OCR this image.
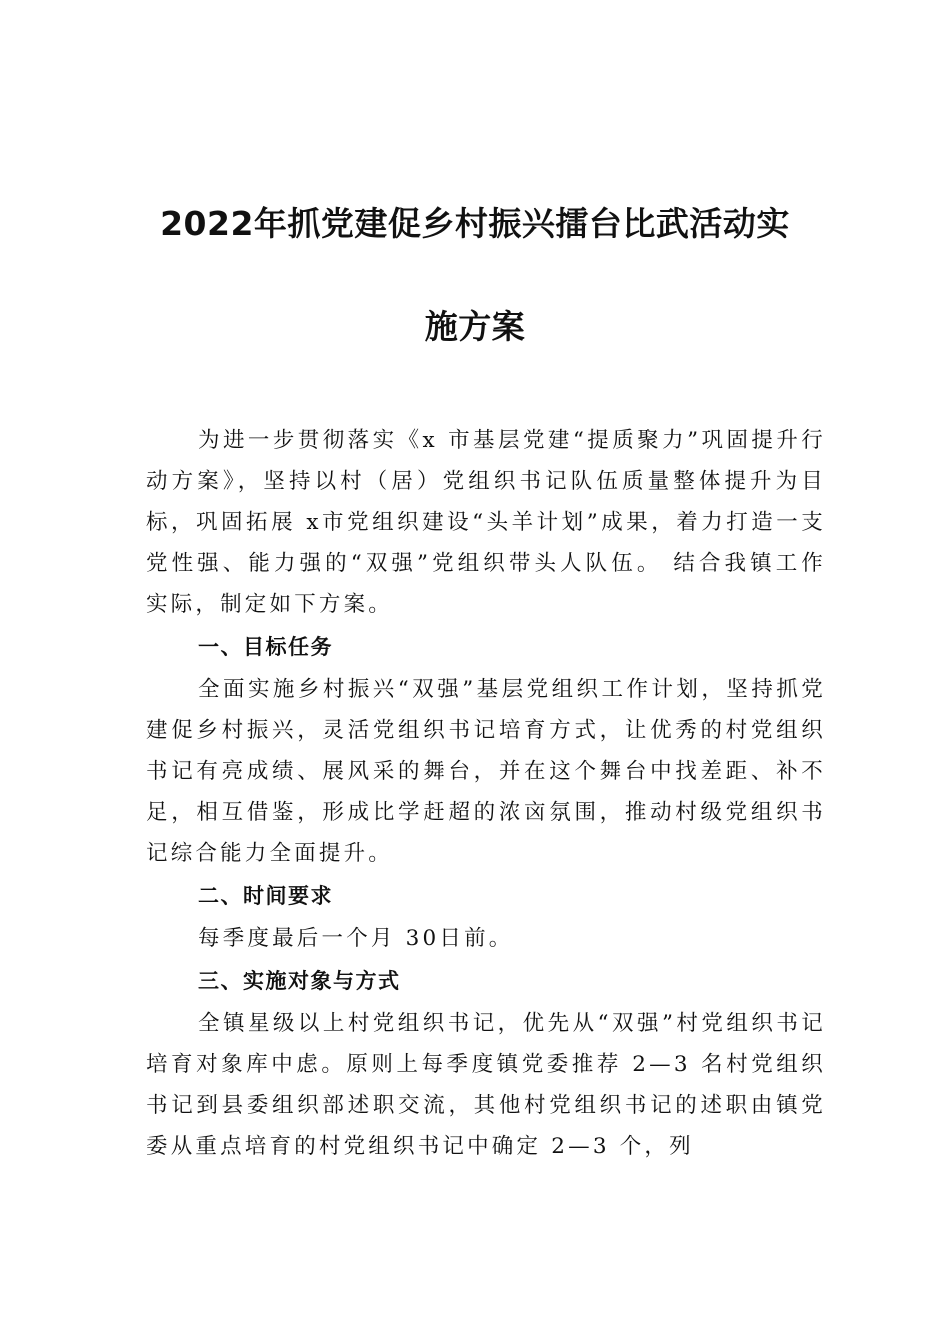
2022年抓党建促乡村振兴擂台比武活动实
施方案

为进一步贯彻落实《x 市基层党建“提质聚力”巩固提升行动方案》，坚持以村（居）党组织书记队伍质量整体提升为目标，巩固拓展 x市党组织建设“头羊计划”成果，着力打造一支党性强、能力强的“双强”党组织带头人队伍。 结合我镇工作实际，制定如下方案。

一、目标任务

全面实施乡村振兴“双强”基层党组织工作计划，坚持抓党建促乡村振兴，灵活党组织书记培育方式，让优秀的村党组织书记有亮成绩、展风采的舞台，并在这个舞台中找差距、补不足，相互借鉴，形成比学赶超的浓㐫氛围，推动村级党组织书记综合能力全面提升。

二、时间要求

每季度最后一个月 30日前。

三、实施对象与方式

全镇星级以上村党组织书记，优先从“双强”村党组织书记培育对象库中虑。原则上每季度镇党委推荐 2—3 名村党组织书记到县委组织部述职交流，其他村党组织书记的述职由镇党委从重点培育的村党组织书记中确定 2—3 个，列
